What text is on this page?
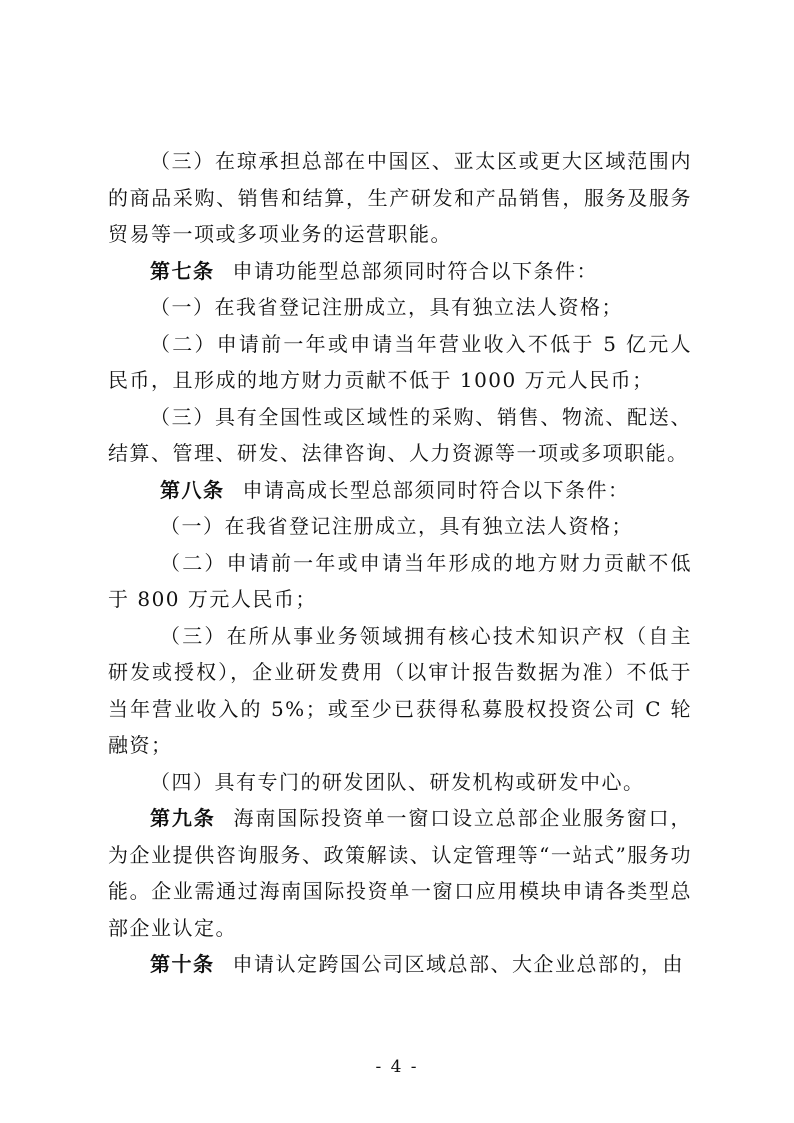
（三）在琼承担总部在中国区、亚太区或更大区域范围内的商品采购、销售和结算，生产研发和产品销售，服务及服务贸易等一项或多项业务的运营职能。

第七条 申请功能型总部须同时符合以下条件：

（一）在我省登记注册成立，具有独立法人资格；

（二）申请前一年或申请当年营业收入不低于 5 亿元人民币，且形成的地方财力贡献不低于 1000 万元人民币；

（三）具有全国性或区域性的采购、销售、物流、配送、结算、管理、研发、法律咨询、人力资源等一项或多项职能。

第八条 申请高成长型总部须同时符合以下条件：

（一）在我省登记注册成立，具有独立法人资格；

（二）申请前一年或申请当年形成的地方财力贡献不低于 800 万元人民币；

（三）在所从事业务领域拥有核心技术知识产权（自主研发或授权），企业研发费用（以审计报告数据为准）不低于当年营业收入的 5%；或至少已获得私募股权投资公司 C 轮融资；

（四）具有专门的研发团队、研发机构或研发中心。

第九条 海南国际投资单一窗口设立总部企业服务窗口，为企业提供咨询服务、政策解读、认定管理等“一站式”服务功能。企业需通过海南国际投资单一窗口应用模块申请各类型总部企业认定。

第十条 申请认定跨国公司区域总部、大企业总部的，由

- 4 -
